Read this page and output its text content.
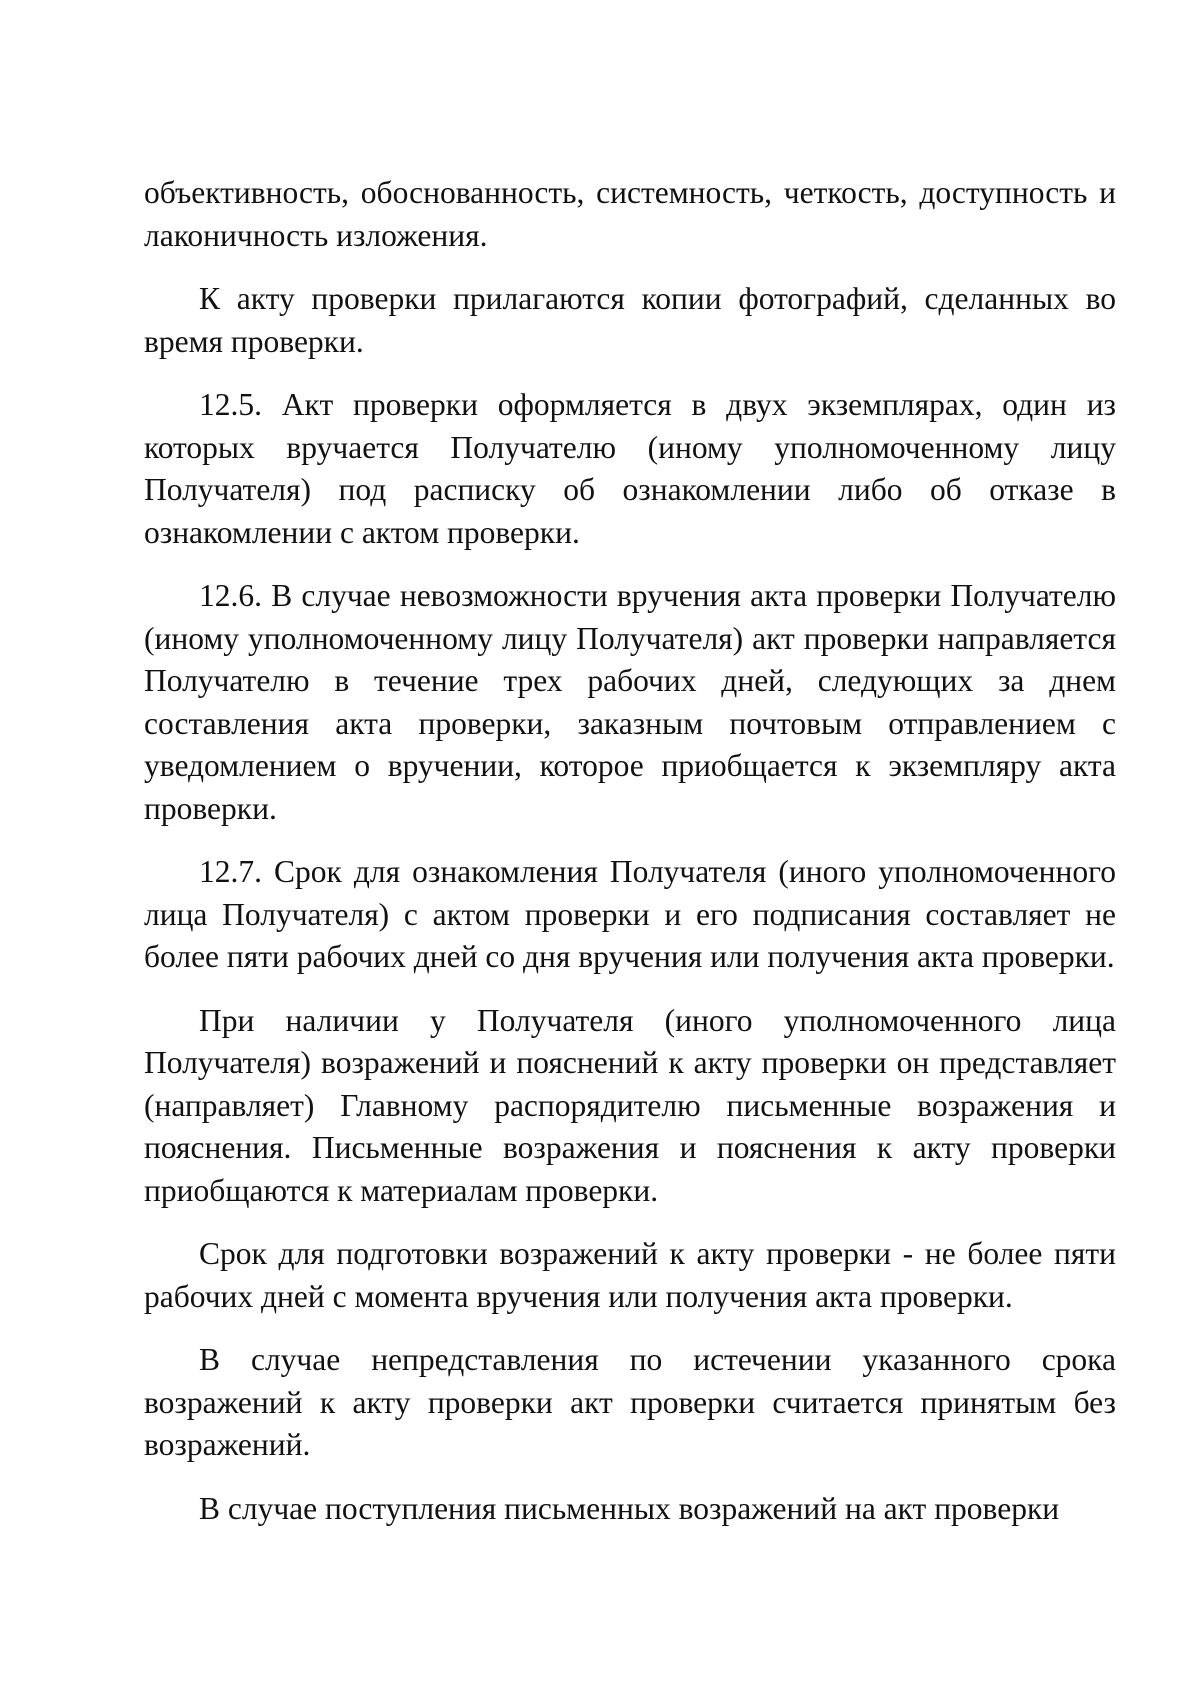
объективность, обоснованность, системность, четкость, доступность и лаконичность изложения.

К акту проверки прилагаются копии фотографий, сделанных во время проверки.

12.5. Акт проверки оформляется в двух экземплярах, один из которых вручается Получателю (иному уполномоченному лицу Получателя) под расписку об ознакомлении либо об отказе в ознакомлении с актом проверки.

12.6. В случае невозможности вручения акта проверки Получателю (иному уполномоченному лицу Получателя) акт проверки направляется Получателю в течение трех рабочих дней, следующих за днем составления акта проверки, заказным почтовым отправлением с уведомлением о вручении, которое приобщается к экземпляру акта проверки.

12.7. Срок для ознакомления Получателя (иного уполномоченного лица Получателя) с актом проверки и его подписания составляет не более пяти рабочих дней со дня вручения или получения акта проверки.

При наличии у Получателя (иного уполномоченного лица Получателя) возражений и пояснений к акту проверки он представляет (направляет) Главному распорядителю письменные возражения и пояснения. Письменные возражения и пояснения к акту проверки приобщаются к материалам проверки.

Срок для подготовки возражений к акту проверки - не более пяти рабочих дней с момента вручения или получения акта проверки.

В случае непредставления по истечении указанного срока возражений к акту проверки акт проверки считается принятым без возражений.

В случае поступления письменных возражений на акт проверки
